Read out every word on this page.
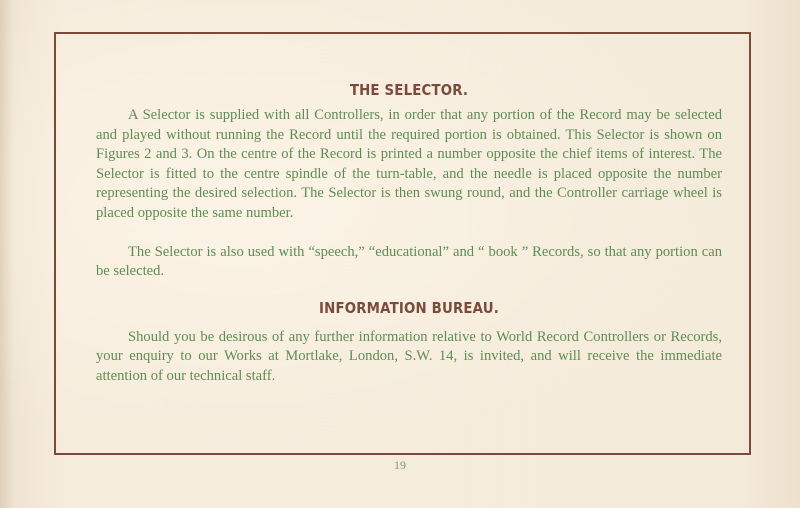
THE SELECTOR.

A Selector is supplied with all Controllers, in order that any portion of the Record may be selected and played without running the Record until the required portion is obtained. This Selector is shown on Figures 2 and 3. On the centre of the Record is printed a number opposite the chief items of interest. The Selector is fitted to the centre spindle of the turn-table, and the needle is placed opposite the number representing the desired selection. The Selector is then swung round, and the Controller carriage wheel is placed opposite the same number.

The Selector is also used with “speech,” “educational” and “ book ” Records, so that any portion can be selected.

INFORMATION BUREAU.

Should you be desirous of any further information relative to World Record Controllers or Records, your enquiry to our Works at Mortlake, London, S.W. 14, is invited, and will receive the immediate attention of our technical staff.

19
